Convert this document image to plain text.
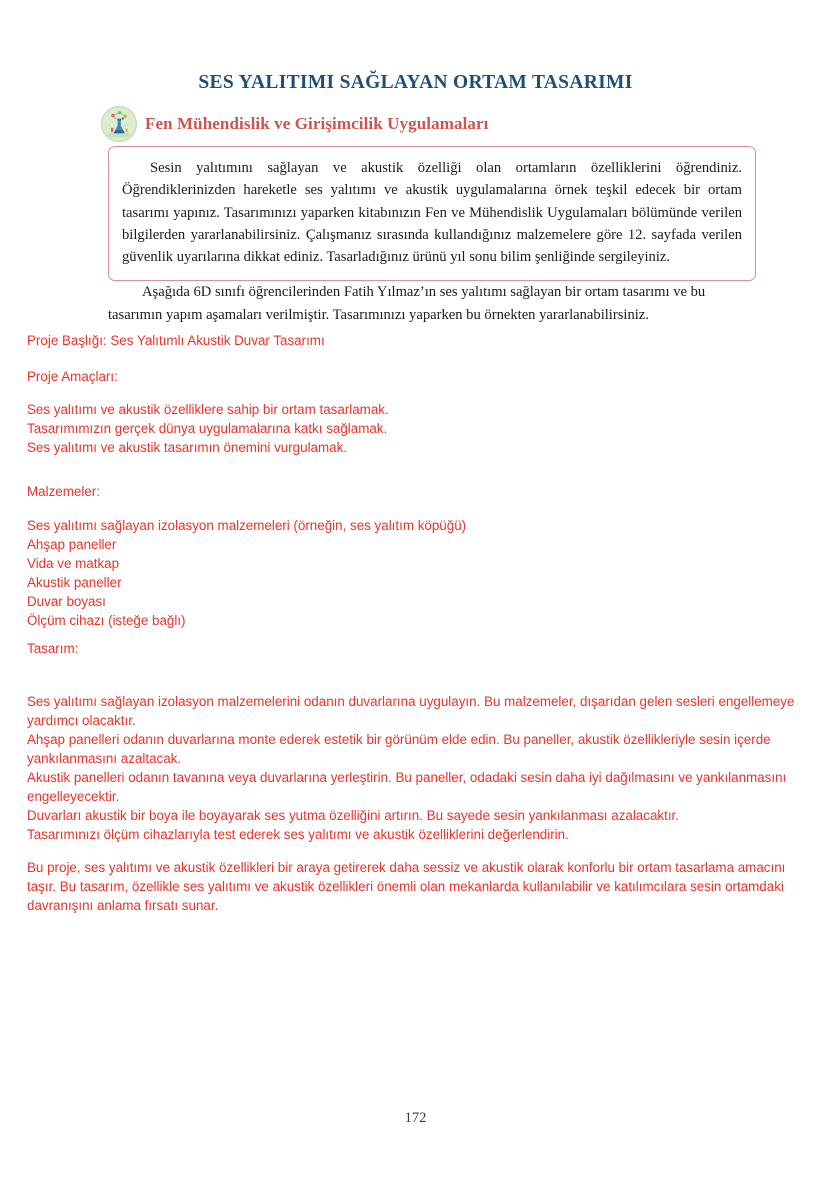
SES YALITIMI SAĞLAYAN ORTAM TASARIMI
Fen Mühendislik ve Girişimcilik Uygulamaları

Sesin yalıtımını sağlayan ve akustik özelliği olan ortamların özelliklerini öğrendiniz. Öğrendiklerinizden hareketle ses yalıtımı ve akustik uygulamalarına örnek teşkil edecek bir ortam tasarımı yapınız. Tasarımınızı yaparken kitabınızın Fen ve Mühendislik Uygulamaları bölümünde verilen bilgilerden yararlanabilirsiniz. Çalışmanız sırasında kullandığınız malzemelere göre 12. sayfada verilen güvenlik uyarılarına dikkat ediniz. Tasarladığınız ürünü yıl sonu bilim şenliğinde sergileyiniz.

Aşağıda 6D sınıfı öğrencilerinden Fatih Yılmaz’ın ses yalıtımı sağlayan bir ortam tasarımı ve bu tasarımın yapım aşamaları verilmiştir. Tasarımınızı yaparken bu örnekten yararlanabilirsiniz.
Proje Başlığı: Ses Yalıtımlı Akustik Duvar Tasarımı
Proje Amaçları:
Ses yalıtımı ve akustik özelliklere sahip bir ortam tasarlamak.
Tasarımımızın gerçek dünya uygulamalarına katkı sağlamak.
Ses yalıtımı ve akustik tasarımın önemini vurgulamak.
Malzemeler:
Ses yalıtımı sağlayan izolasyon malzemeleri (örneğin, ses yalıtım köpüğü)
Ahşap paneller
Vida ve matkap
Akustik paneller
Duvar boyası
Ölçüm cihazı (isteğe bağlı)
Tasarım:
Ses yalıtımı sağlayan izolasyon malzemelerini odanın duvarlarına uygulayın. Bu malzemeler, dışarıdan gelen sesleri engellemeye yardımcı olacaktır.
Ahşap panelleri odanın duvarlarına monte ederek estetik bir görünüm elde edin. Bu paneller, akustik özellikleriyle sesin içerde yankılanmasını azaltacak.
Akustik panelleri odanın tavanına veya duvarlarına yerleştirin. Bu paneller, odadaki sesin daha iyi dağılmasını ve yankılanmasını engelleyecektir.
Duvarları akustik bir boya ile boyayarak ses yutma özelliğini artırın. Bu sayede sesin yankılanması azalacaktır.
Tasarımınızı ölçüm cihazlarıyla test ederek ses yalıtımı ve akustik özelliklerini değerlendirin.
Bu proje, ses yalıtımı ve akustik özellikleri bir araya getirerek daha sessiz ve akustik olarak konforlu bir ortam tasarlama amacını taşır. Bu tasarım, özellikle ses yalıtımı ve akustik özellikleri önemli olan mekanlarda kullanılabilir ve katılımcılara sesin ortamdaki davranışını anlama fırsatı sunar.
172
